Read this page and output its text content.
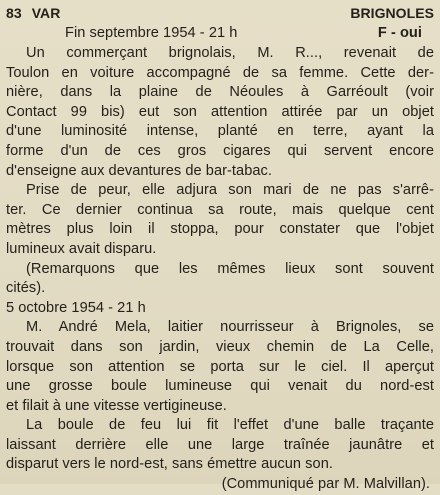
83 VAR	BRIGNOLES
Fin septembre 1954 - 21 h	F - oui
Un commerçant brignolais, M. R..., revenait de
Toulon en voiture accompagné de sa femme. Cette der-
nière, dans la plaine de Néoules à Garréoult (voir
Contact 99 bis) eut son attention attirée par un objet
d'une luminosité intense, planté en terre, ayant la
forme d'un de ces gros cigares qui servent encore
d'enseigne aux devantures de bar-tabac.
Prise de peur, elle adjura son mari de ne pas s'arrê-
ter. Ce dernier continua sa route, mais quelque cent
mètres plus loin il stoppa, pour constater que l'objet
lumineux avait disparu.
(Remarquons que les mêmes lieux sont souvent
cités).
5 octobre 1954 - 21 h
M. André Mela, laitier nourrisseur à Brignoles, se
trouvait dans son jardin, vieux chemin de La Celle,
lorsque son attention se porta sur le ciel. Il aperçut
une grosse boule lumineuse qui venait du nord-est
et filait à une vitesse vertigineuse.
La boule de feu lui fit l'effet d'une balle traçante
laissant derrière elle une large traînée jaunâtre et
disparut vers le nord-est, sans émettre aucun son.
(Communiqué par M. Malvillan).
